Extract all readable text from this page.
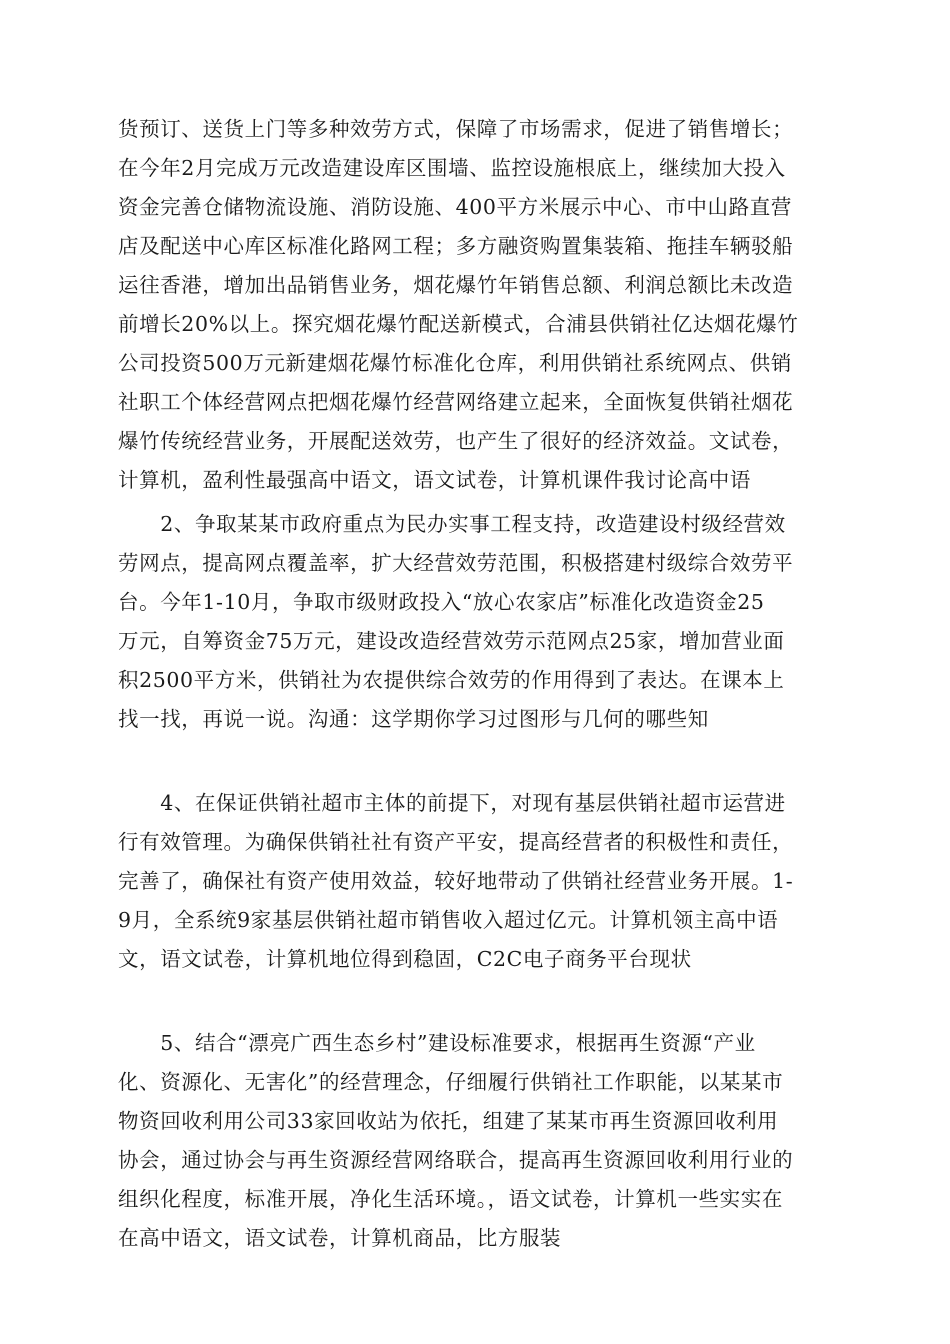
货预订、送货上门等多种效劳方式，保障了市场需求，促进了销售增长；
在今年2月完成万元改造建设库区围墙、监控设施根底上，继续加大投入
资金完善仓储物流设施、消防设施、400平方米展示中心、市中山路直营
店及配送中心库区标准化路网工程；多方融资购置集装箱、拖挂车辆驳船
运往香港，增加出品销售业务，烟花爆竹年销售总额、利润总额比未改造
前增长20%以上。探究烟花爆竹配送新模式，合浦县供销社亿达烟花爆竹
公司投资500万元新建烟花爆竹标准化仓库，利用供销社系统网点、供销
社职工个体经营网点把烟花爆竹经营网络建立起来，全面恢复供销社烟花
爆竹传统经营业务，开展配送效劳，也产生了很好的经济效益。文试卷，
计算机，盈利性最强高中语文，语文试卷，计算机课件我讨论高中语
　　2、争取某某市政府重点为民办实事工程支持，改造建设村级经营效
劳网点，提高网点覆盖率，扩大经营效劳范围，积极搭建村级综合效劳平
台。今年1-10月，争取市级财政投入“放心农家店”标准化改造资金25
万元，自筹资金75万元，建设改造经营效劳示范网点25家，增加营业面
积2500平方米，供销社为农提供综合效劳的作用得到了表达。在课本上
找一找，再说一说。沟通：这学期你学习过图形与几何的哪些知
　　4、在保证供销社超市主体的前提下，对现有基层供销社超市运营进
行有效管理。为确保供销社社有资产平安，提高经营者的积极性和责任，
完善了，确保社有资产使用效益，较好地带动了供销社经营业务开展。1-
9月，全系统9家基层供销社超市销售收入超过亿元。计算机领主高中语
文，语文试卷，计算机地位得到稳固，C2C电子商务平台现状
　　5、结合“漂亮广西生态乡村”建设标准要求，根据再生资源“产业
化、资源化、无害化”的经营理念，仔细履行供销社工作职能，以某某市
物资回收利用公司33家回收站为依托，组建了某某市再生资源回收利用
协会，通过协会与再生资源经营网络联合，提高再生资源回收利用行业的
组织化程度，标准开展，净化生活环境。，语文试卷，计算机一些实实在
在高中语文，语文试卷，计算机商品，比方服装
